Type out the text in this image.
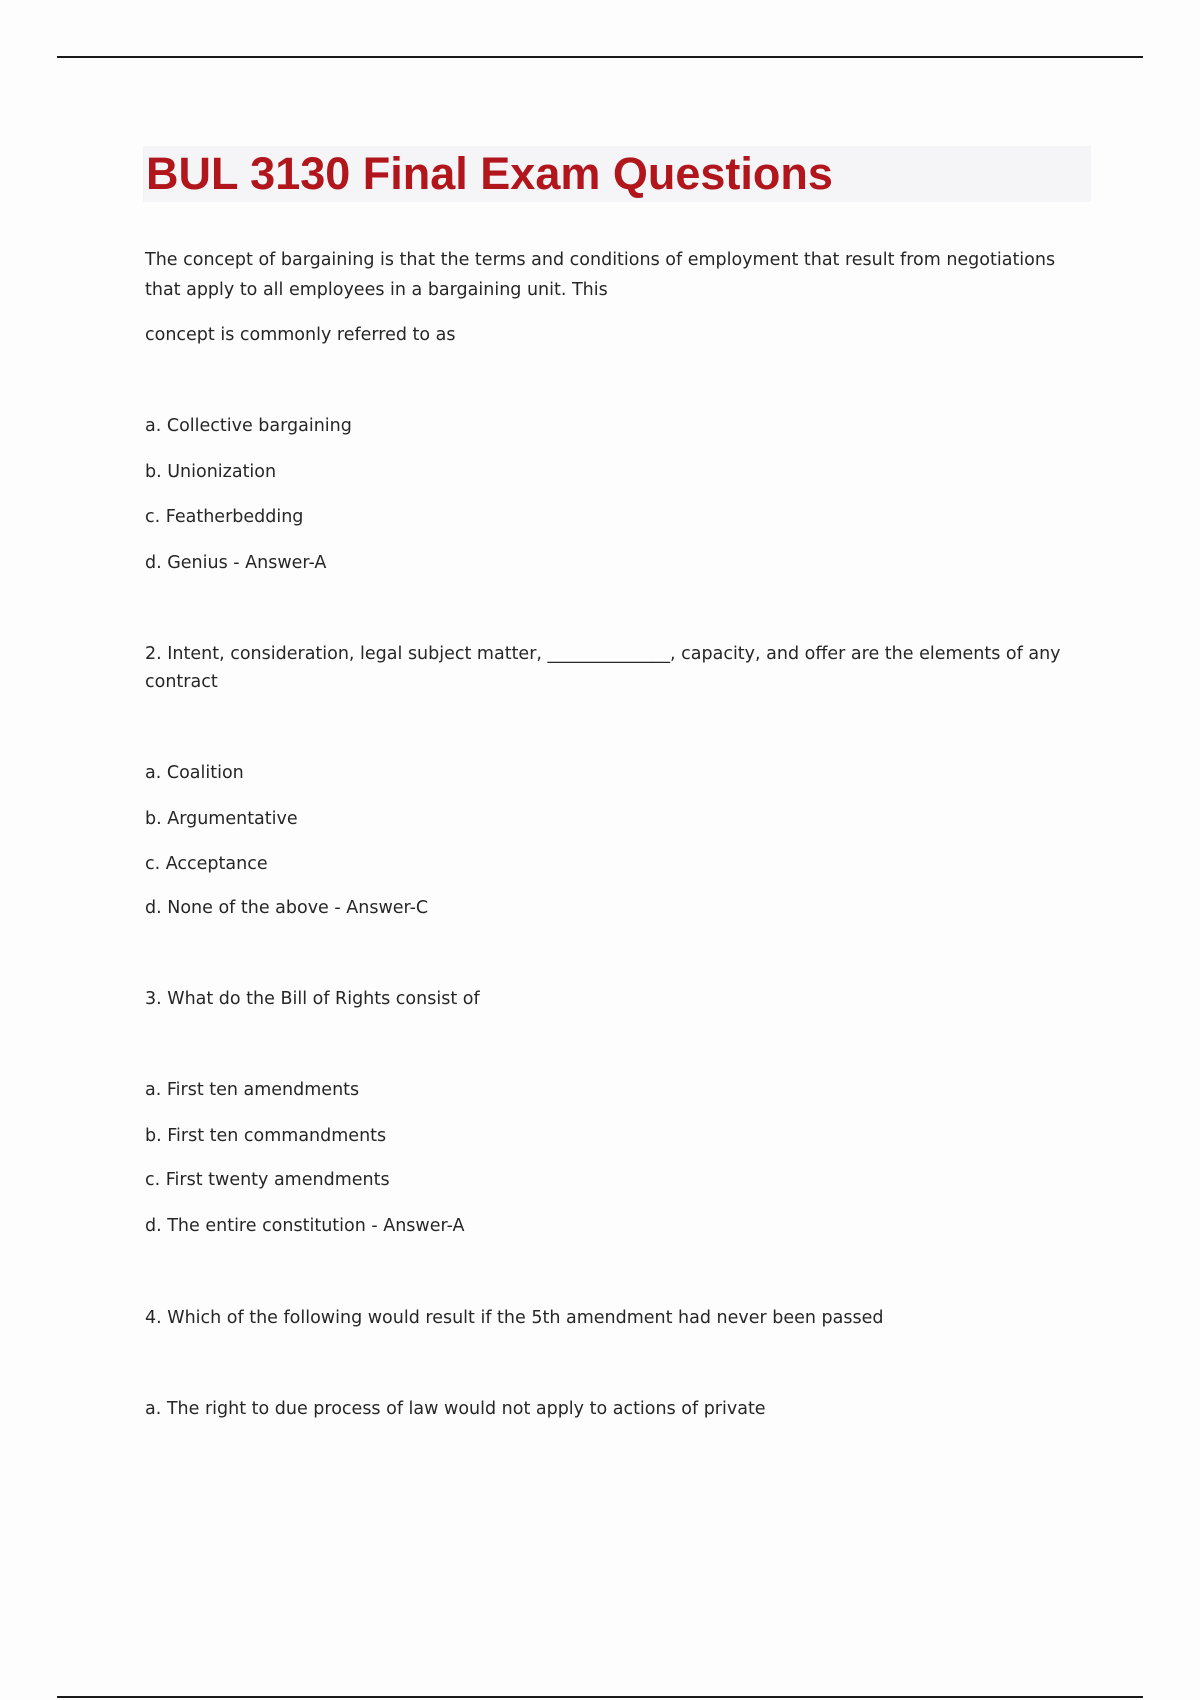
BUL 3130 Final Exam Questions
The concept of bargaining is that the terms and conditions of employment that result from negotiations
that apply to all employees in a bargaining unit. This
concept is commonly referred to as
a. Collective bargaining
b. Unionization
c. Featherbedding
d. Genius - Answer-A
2. Intent, consideration, legal subject matter, ______________, capacity, and offer are the elements of any
contract
a. Coalition
b. Argumentative
c. Acceptance
d. None of the above - Answer-C
3. What do the Bill of Rights consist of
a. First ten amendments
b. First ten commandments
c. First twenty amendments
d. The entire constitution - Answer-A
4. Which of the following would result if the 5th amendment had never been passed
a. The right to due process of law would not apply to actions of private
